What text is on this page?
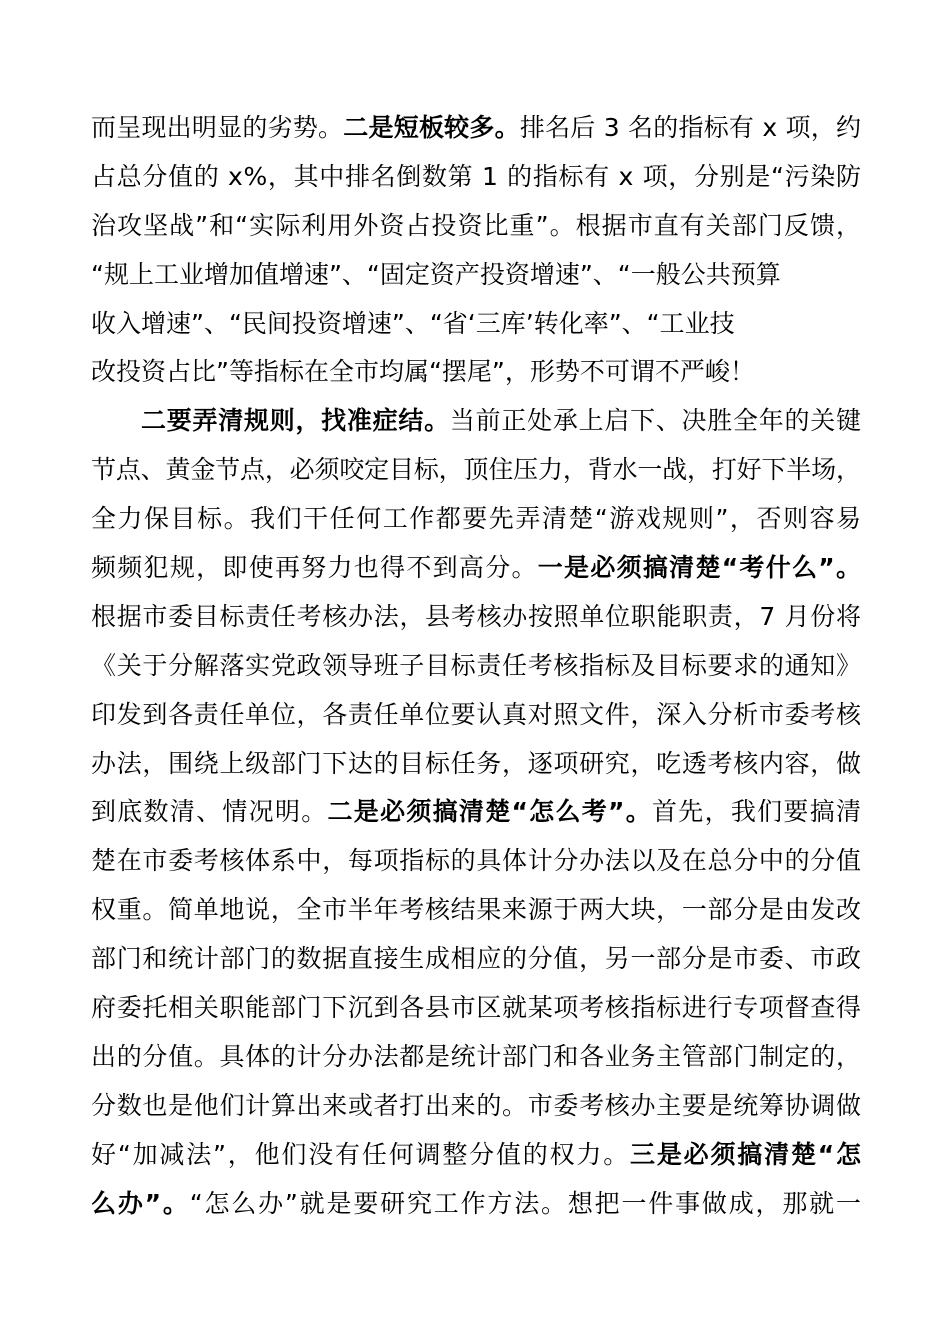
而呈现出明显的劣势。二是短板较多。排名后 3 名的指标有 x 项，约
占总分值的 x%，其中排名倒数第 1 的指标有 x 项，分别是“污染防
治攻坚战”和“实际利用外资占投资比重”。根据市直有关部门反馈，
“规上工业增加值增速”、“固定资产投资增速”、“一般公共预算
收入增速”、“民间投资增速”、“省‘三库’转化率”、“工业技
改投资占比”等指标在全市均属“摆尾”，形势不可谓不严峻！
二要弄清规则，找准症结。当前正处承上启下、决胜全年的关键
节点、黄金节点，必须咬定目标，顶住压力，背水一战，打好下半场，
全力保目标。我们干任何工作都要先弄清楚“游戏规则”，否则容易
频频犯规，即使再努力也得不到高分。一是必须搞清楚“考什么”。
根据市委目标责任考核办法，县考核办按照单位职能职责，7 月份将
《关于分解落实党政领导班子目标责任考核指标及目标要求的通知》
印发到各责任单位，各责任单位要认真对照文件，深入分析市委考核
办法，围绕上级部门下达的目标任务，逐项研究，吃透考核内容，做
到底数清、情况明。二是必须搞清楚“怎么考”。首先，我们要搞清
楚在市委考核体系中，每项指标的具体计分办法以及在总分中的分值
权重。简单地说，全市半年考核结果来源于两大块，一部分是由发改
部门和统计部门的数据直接生成相应的分值，另一部分是市委、市政
府委托相关职能部门下沉到各县市区就某项考核指标进行专项督查得
出的分值。具体的计分办法都是统计部门和各业务主管部门制定的，
分数也是他们计算出来或者打出来的。市委考核办主要是统筹协调做
好“加减法”，他们没有任何调整分值的权力。三是必须搞清楚“怎
么办”。“怎么办”就是要研究工作方法。想把一件事做成，那就一
